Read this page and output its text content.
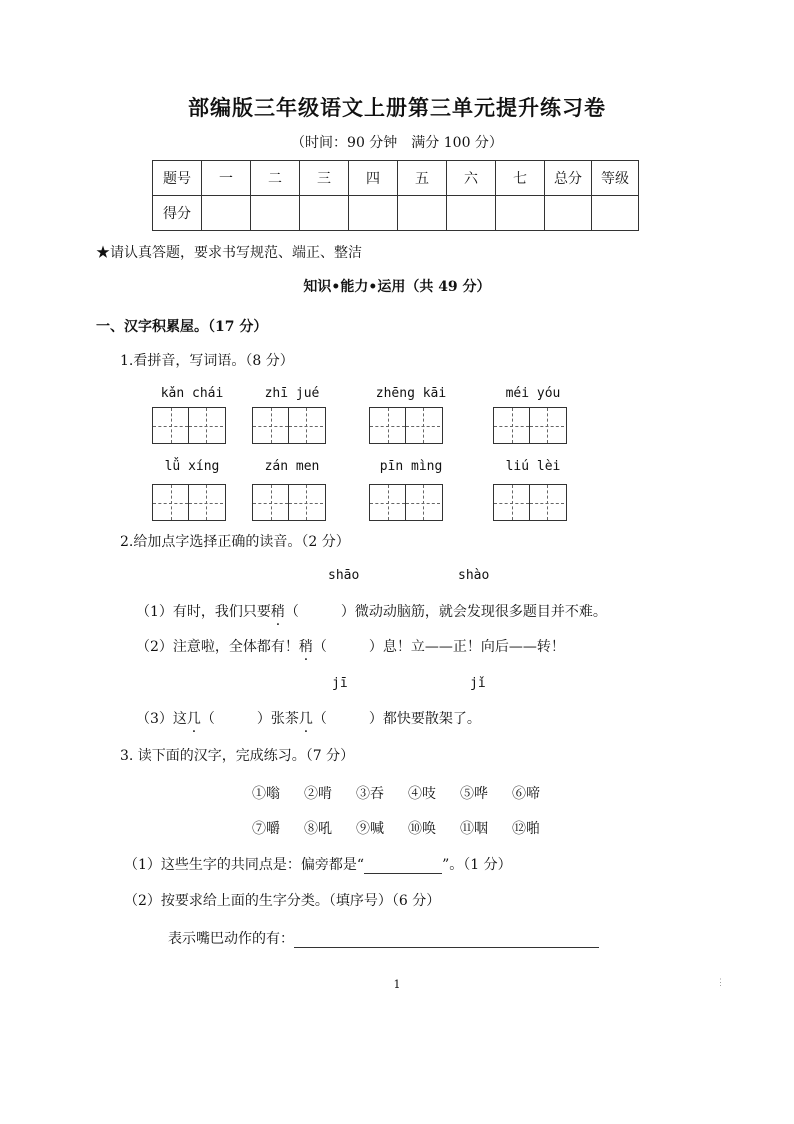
部编版三年级语文上册第三单元提升练习卷
（时间：90 分钟　满分 100 分）
题号	一	二	三	四	五	六	七	总分	等级
得分									
★请认真答题，要求书写规范、端正、整洁
知识•能力•运用（共 49 分）
一、汉字积累屋。（17 分）
1.看拼音，写词语。（8 分）
kǎn chái	zhī jué	zhēng kāi	méi yóu
lǚ xíng	zán men	pīn mìng	liú lèi
2.给加点字选择正确的读音。（2 分）
shāo	shào
（1）有时，我们只要稍（　　　）微动动脑筋，就会发现很多题目并不难。
（2）注意啦，全体都有！稍（　　　）息！立——正！向后——转！
jī	jǐ
（3）这几（　　　）张茶几（　　　）都快要散架了。
3. 读下面的汉字，完成练习。（7 分）
①嗡 ②啃 ③吞 ④吱 ⑤哗 ⑥啼
⑦嚼 ⑧吼 ⑨喊 ⑩唤 ⑪咽 ⑫啪
（1）这些生字的共同点是：偏旁都是“	”。（1 分）
（2）按要求给上面的生字分类。（填序号）（6 分）
表示嘴巴动作的有：
1	⋮
